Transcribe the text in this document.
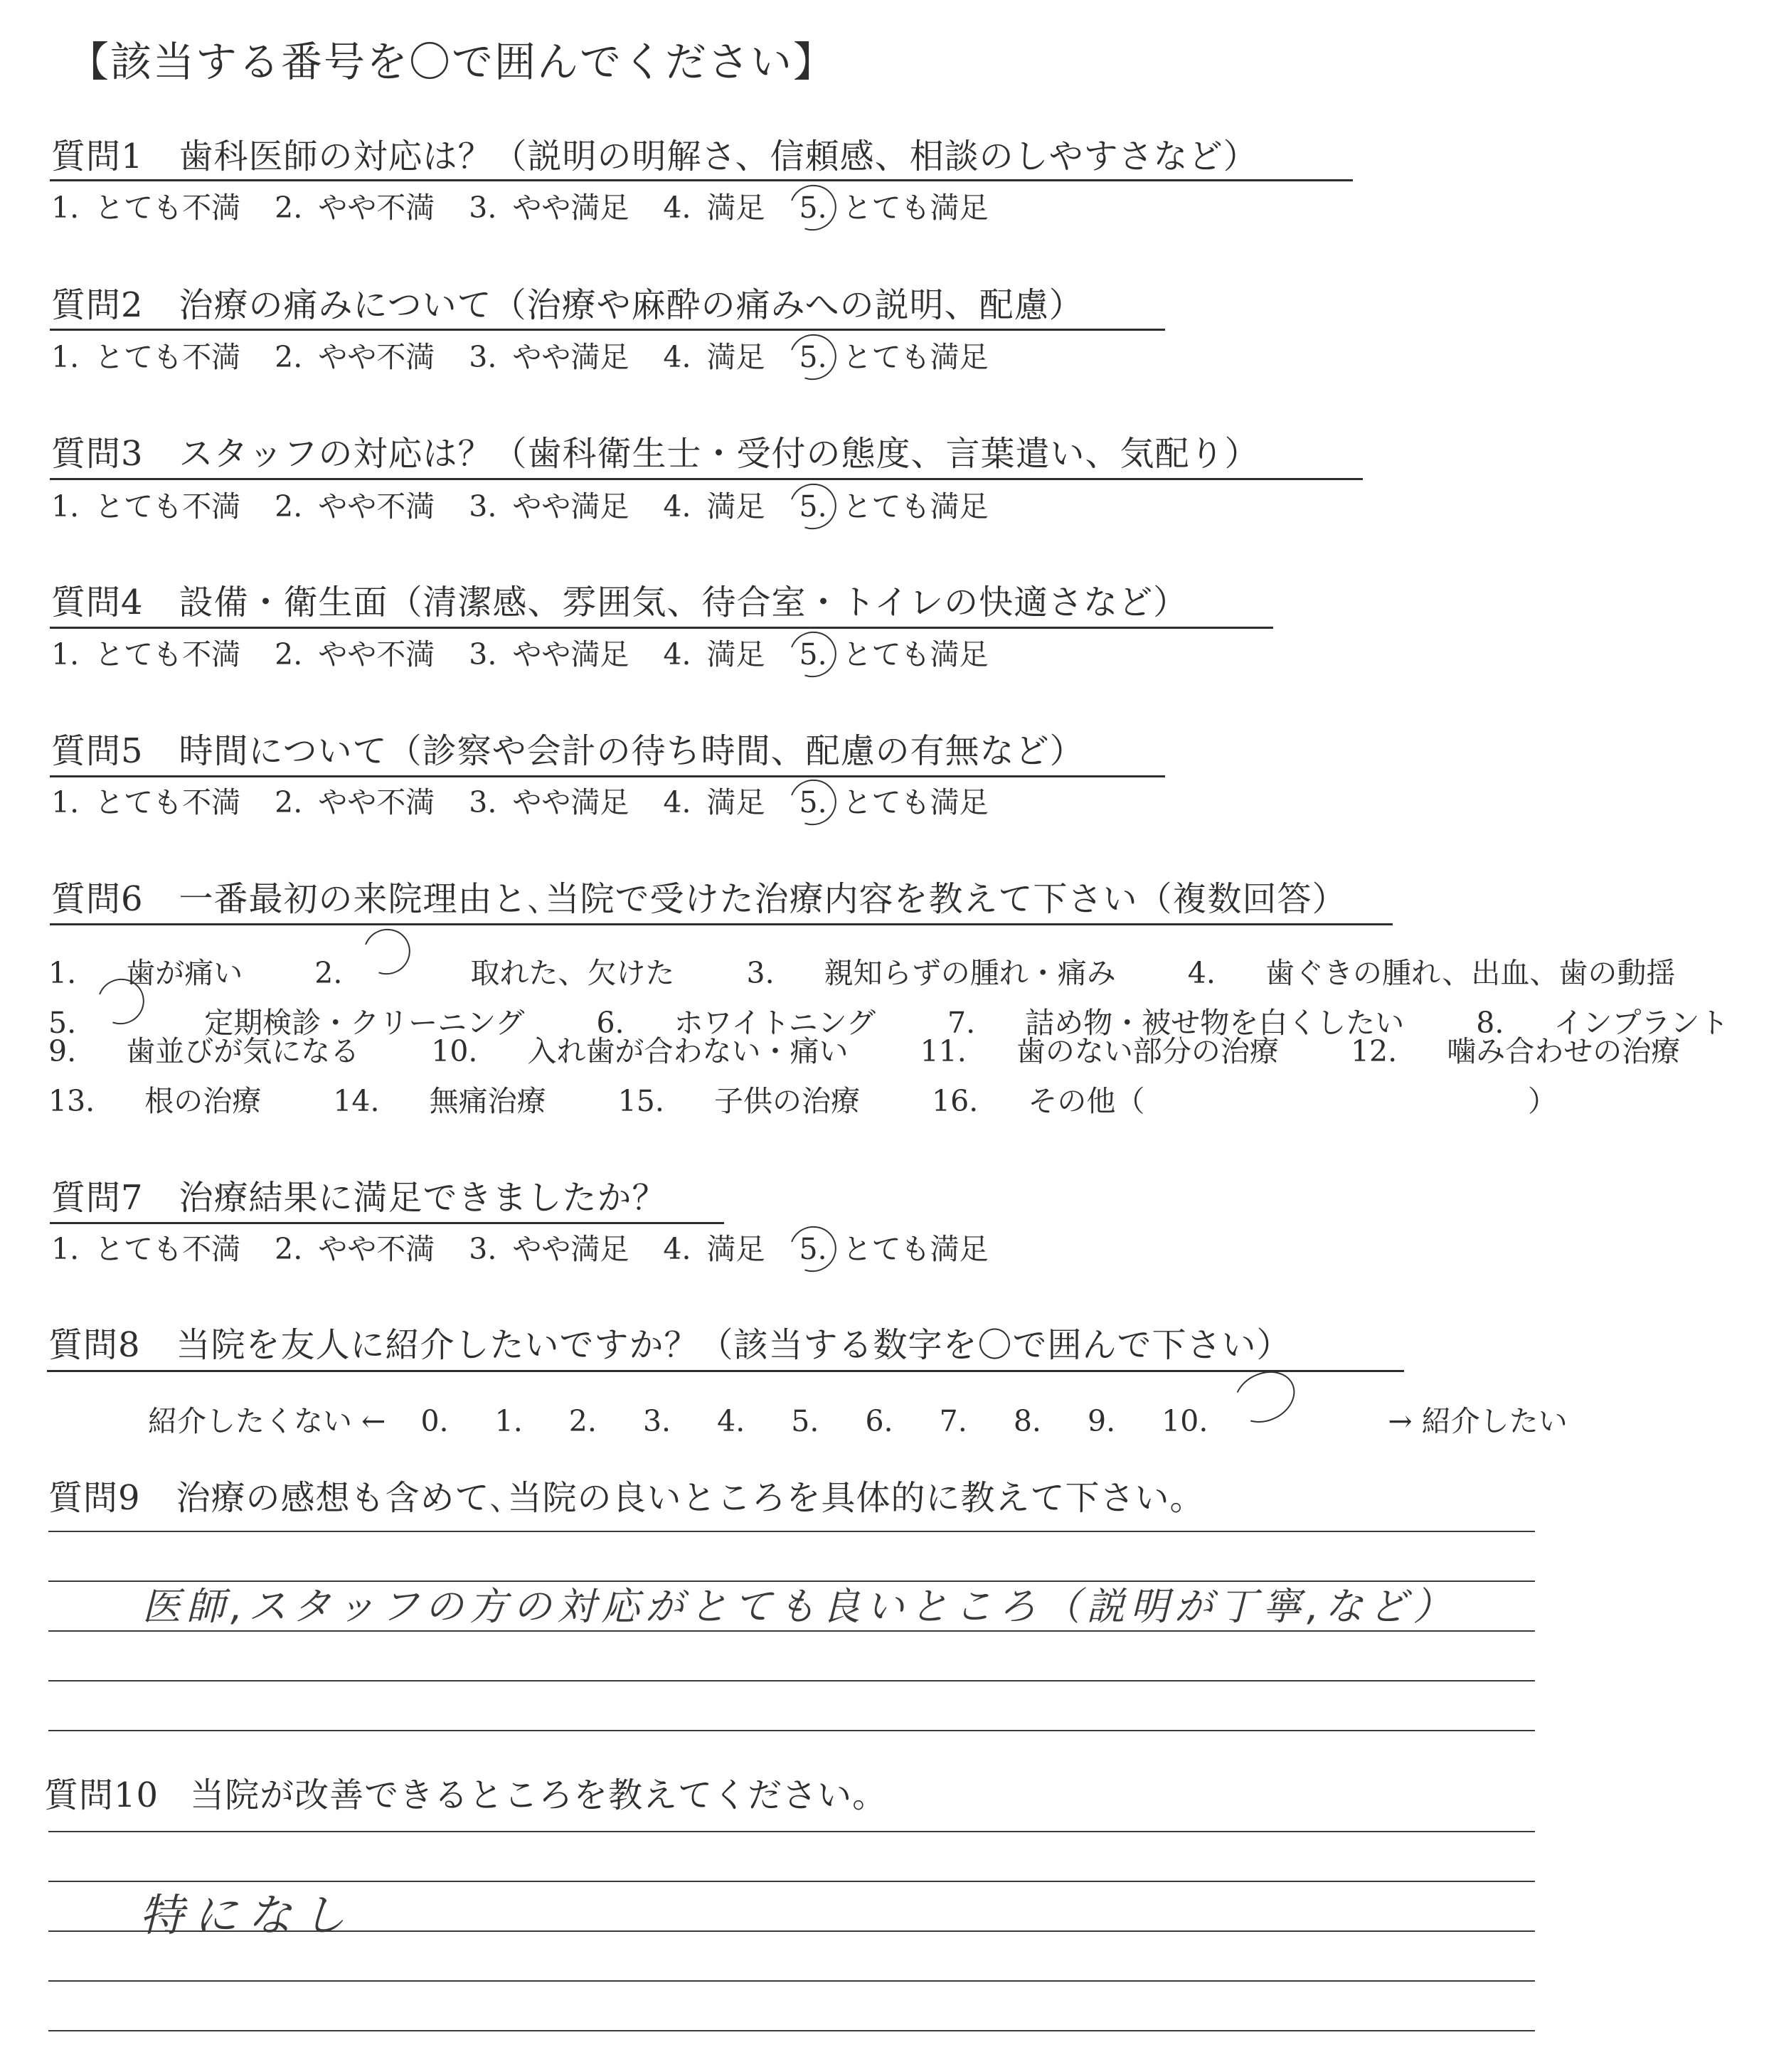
【該当する番号を〇で囲んでください】
質問1 歯科医師の対応は？（説明の明解さ、信頼感、相談のしやすさなど）
1. とても不満 2. やや不満 3. やや満足 4. 満足 5. とても満足
質問2 治療の痛みについて（治療や麻酔の痛みへの説明、配慮）
1. とても不満 2. やや不満 3. やや満足 4. 満足 5. とても満足
質問3 スタッフの対応は？（歯科衛生士・受付の態度、言葉遣い、気配り）
1. とても不満 2. やや不満 3. やや満足 4. 満足 5. とても満足
質問4 設備・衛生面（清潔感、雰囲気、待合室・トイレの快適さなど）
1. とても不満 2. やや不満 3. やや満足 4. 満足 5. とても満足
質問5 時間について（診察や会計の待ち時間、配慮の有無など）
1. とても不満 2. やや不満 3. やや満足 4. 満足 5. とても満足
質問6 一番最初の来院理由と､当院で受けた治療内容を教えて下さい（複数回答）
1. 歯が痛い 2.	取れた、欠けた 3. 親知らずの腫れ・痛み 4. 歯ぐきの腫れ、出血、歯の動揺
5.	定期検診・クリーニング 6. ホワイトニング 7. 詰め物・被せ物を白くしたい 8. インプラント
9. 歯並びが気になる 10. 入れ歯が合わない・痛い 11. 歯のない部分の治療 12. 噛み合わせの治療
13. 根の治療 14. 無痛治療 15. 子供の治療 16. その他（	）
質問7 治療結果に満足できましたか？
1. とても不満 2. やや不満 3. やや満足 4. 満足 5. とても満足
質問8 当院を友人に紹介したいですか？（該当する数字を〇で囲んで下さい）
紹介したくない ← 0. 1. 2. 3. 4. 5. 6. 7. 8. 9. 10.	→ 紹介したい
質問9 治療の感想も含めて､当院の良いところを具体的に教えて下さい。
医師,スタッフの方の対応がとても良いところ（説明が丁寧,など）
質問10 当院が改善できるところを教えてください。
特になし
